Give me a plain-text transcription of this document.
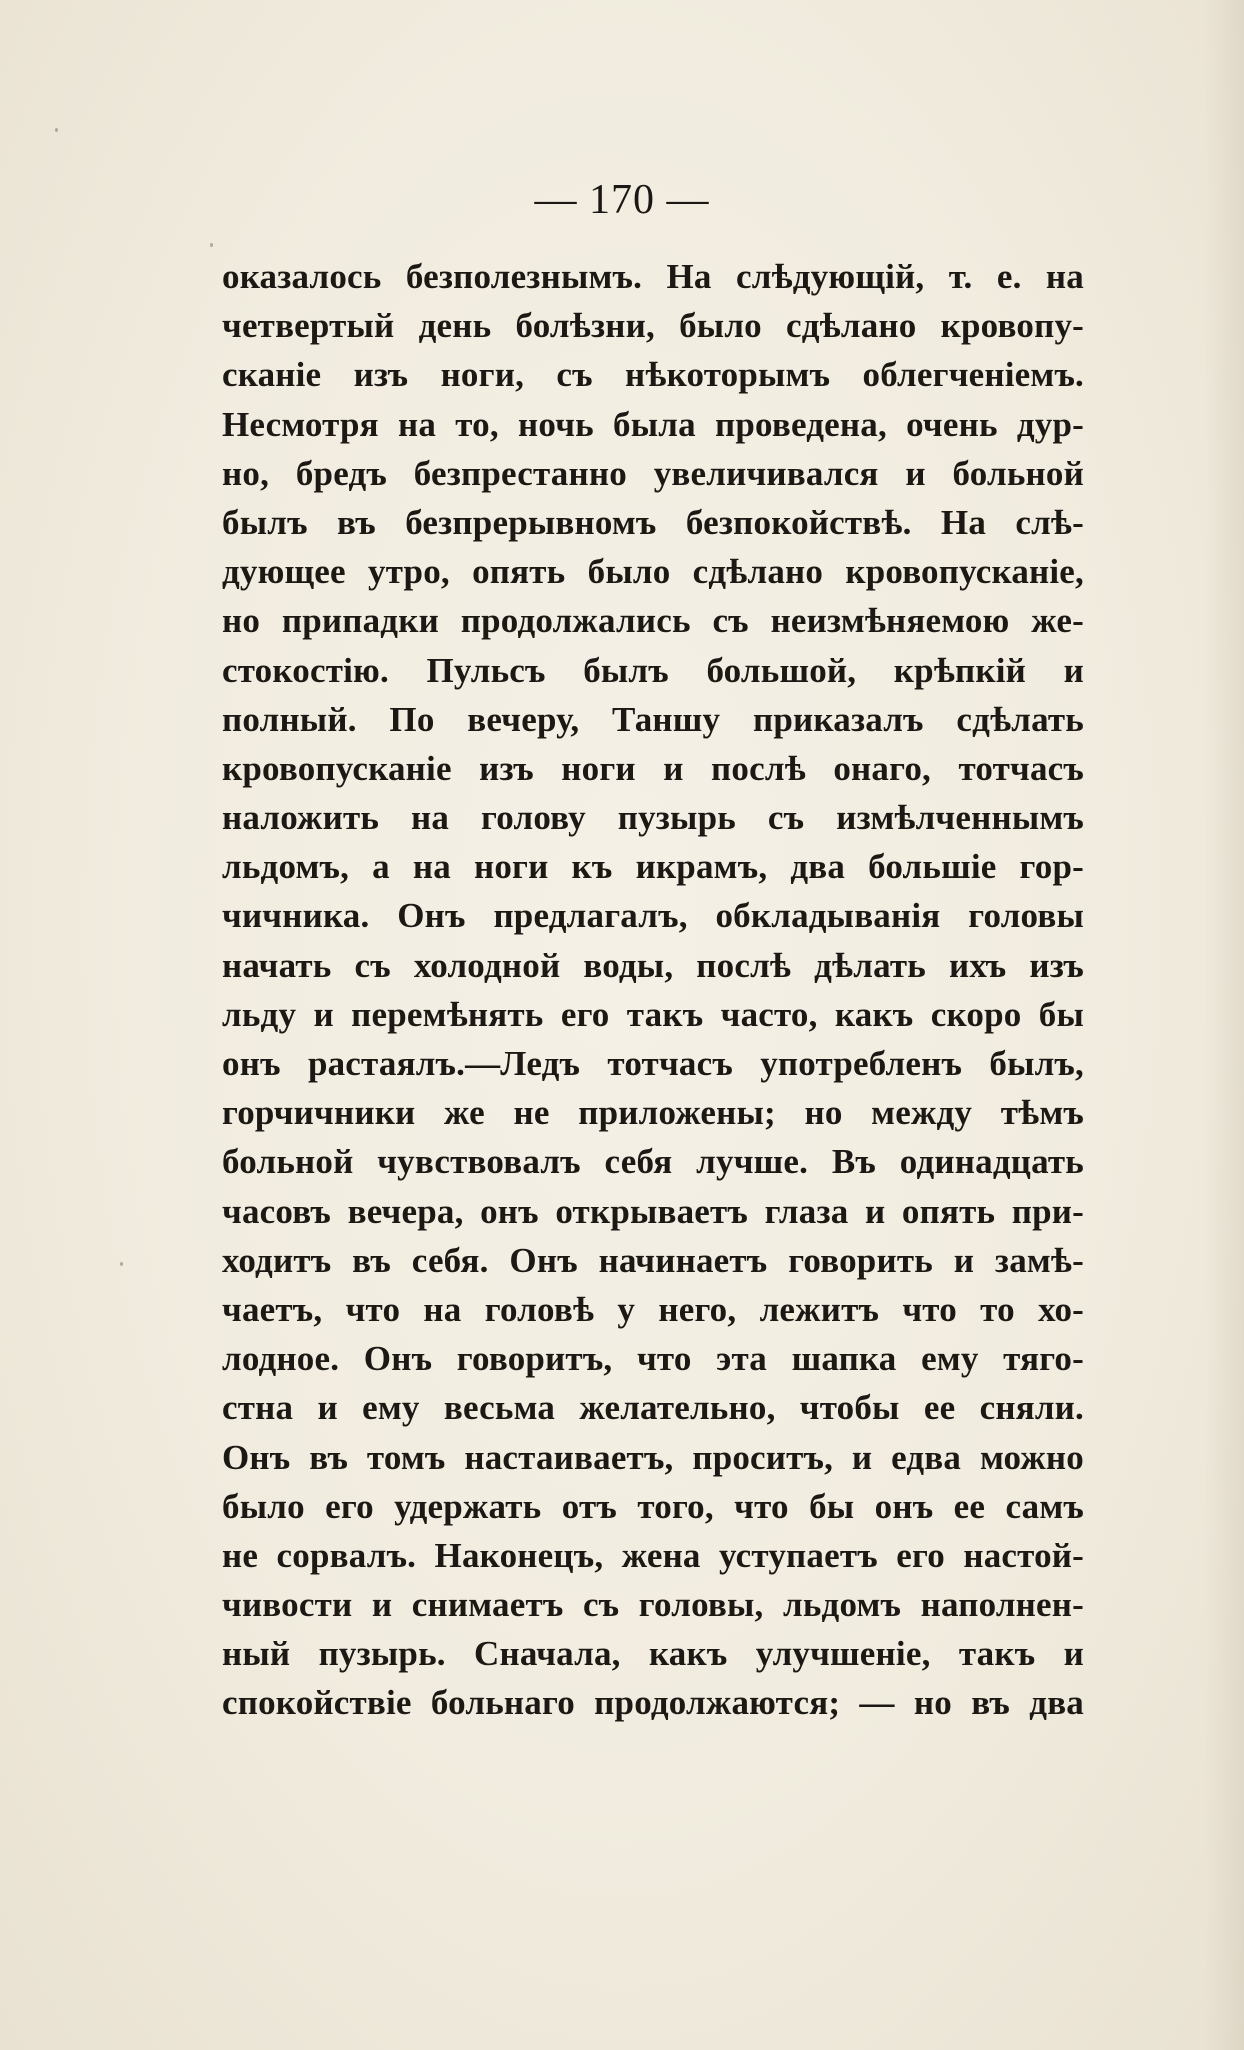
— 170 —
оказалось безполезнымъ. На слѣдующій, т. е. на
четвертый день болѣзни, было сдѣлано кровопу-
сканіе изъ ноги, съ нѣкоторымъ облегченіемъ.
Несмотря на то, ночь была проведена, очень дур-
но, бредъ безпрестанно увеличивался и больной
былъ въ безпрерывномъ безпокойствѣ. На слѣ-
дующее утро, опять было сдѣлано кровопусканіе,
но припадки продолжались съ неизмѣняемою же-
стокостію. Пульсъ былъ большой, крѣпкій и
полный. По вечеру, Таншу приказалъ сдѣлать
кровопусканіе изъ ноги и послѣ онаго, тотчасъ
наложить на голову пузырь съ измѣлченнымъ
льдомъ, а на ноги къ икрамъ, два большіе гор-
чичника. Онъ предлагалъ, обкладыванія головы
начать съ холодной воды, послѣ дѣлать ихъ изъ
льду и перемѣнять его такъ часто, какъ скоро бы
онъ растаялъ.—Ледъ тотчасъ употребленъ былъ,
горчичники же не приложены; но между тѣмъ
больной чувствовалъ себя лучше. Въ одинадцать
часовъ вечера, онъ открываетъ глаза и опять при-
ходитъ въ себя. Онъ начинаетъ говорить и замѣ-
чаетъ, что на головѣ у него, лежитъ что то хо-
лодное. Онъ говоритъ, что эта шапка ему тяго-
стна и ему весьма желательно, чтобы ее сняли.
Онъ въ томъ настаиваетъ, проситъ, и едва можно
было его удержать отъ того, что бы онъ ее самъ
не сорвалъ. Наконецъ, жена уступаетъ его настой-
чивости и снимаетъ съ головы, льдомъ наполнен-
ный пузырь. Сначала, какъ улучшеніе, такъ и
спокойствіе больнаго продолжаются; — но въ два
